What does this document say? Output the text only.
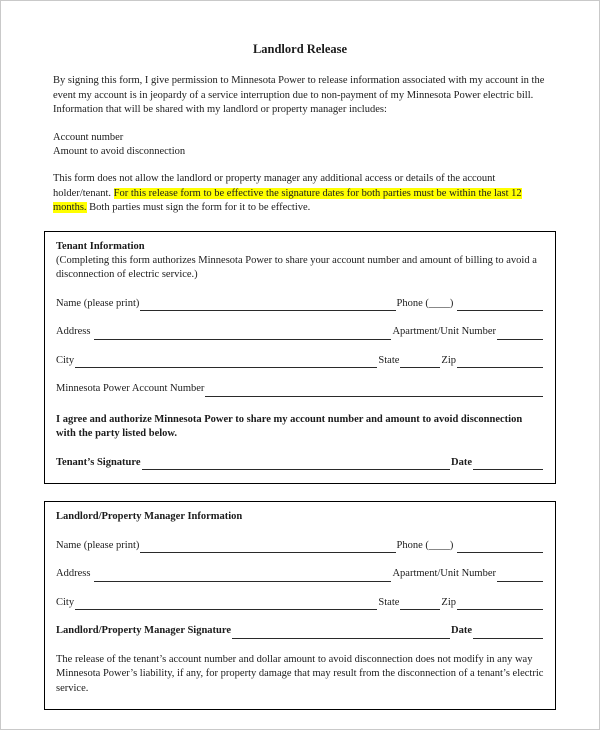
Landlord Release

By signing this form, I give permission to Minnesota Power to release information associated with my account in the event my account is in jeopardy of a service interruption due to non-payment of my Minnesota Power electric bill. Information that will be shared with my landlord or property manager includes:

Account number
Amount to avoid disconnection

This form does not allow the landlord or property manager any additional access or details of the account holder/tenant. For this release form to be effective the signature dates for both parties must be within the last 12 months. Both parties must sign the form for it to be effective.

Tenant Information
(Completing this form authorizes Minnesota Power to share your account number and amount of billing to avoid a disconnection of electric service.)
Name (please print)	Phone (____)
Address	Apartment/Unit Number
City	State	Zip
Minnesota Power Account Number

I agree and authorize Minnesota Power to share my account number and amount to avoid disconnection with the party listed below.

Tenant’s Signature	Date
Landlord/Property Manager Information
Name (please print)	Phone (____)
Address	Apartment/Unit Number
City	State	Zip
Landlord/Property Manager Signature	Date

The release of the tenant’s account number and dollar amount to avoid disconnection does not modify in any way Minnesota Power’s liability, if any, for property damage that may result from the disconnection of a tenant’s electric service.
